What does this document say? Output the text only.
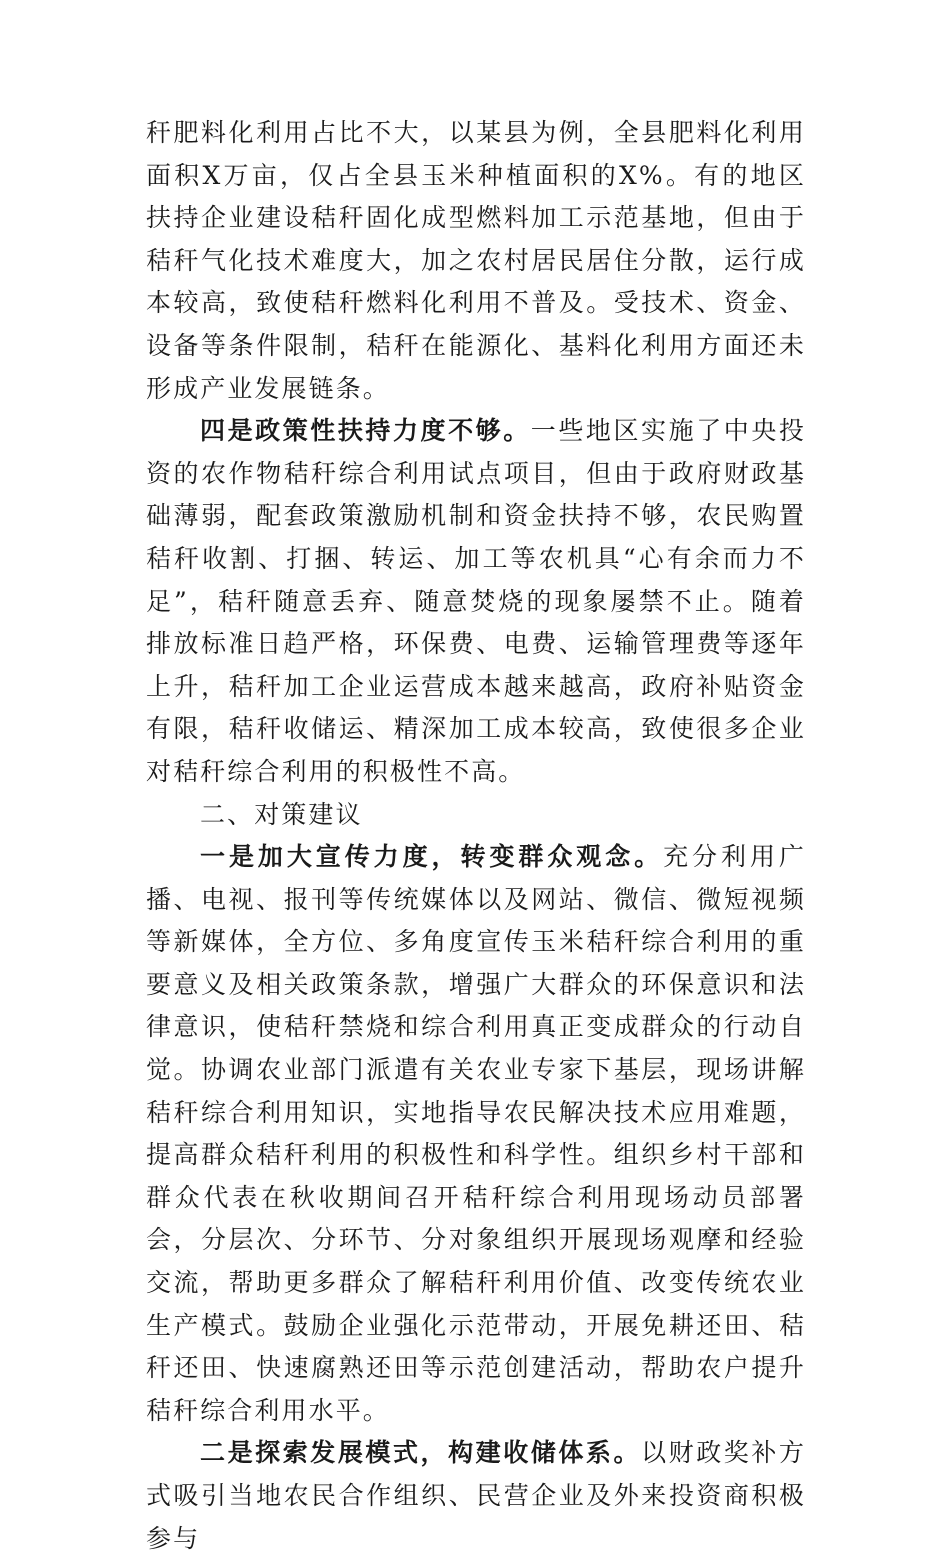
秆肥料化利用占比不大，以某县为例，全县肥料化利用面积X万亩，仅占全县玉米种植面积的X%。有的地区扶持企业建设秸秆固化成型燃料加工示范基地，但由于秸秆气化技术难度大，加之农村居民居住分散，运行成本较高，致使秸秆燃料化利用不普及。受技术、资金、设备等条件限制，秸秆在能源化、基料化利用方面还未形成产业发展链条。

四是政策性扶持力度不够。一些地区实施了中央投资的农作物秸秆综合利用试点项目，但由于政府财政基础薄弱，配套政策激励机制和资金扶持不够，农民购置秸秆收割、打捆、转运、加工等农机具“心有余而力不足”，秸秆随意丢弃、随意焚烧的现象屡禁不止。随着排放标准日趋严格，环保费、电费、运输管理费等逐年上升，秸秆加工企业运营成本越来越高，政府补贴资金有限，秸秆收储运、精深加工成本较高，致使很多企业对秸秆综合利用的积极性不高。

二、对策建议

一是加大宣传力度，转变群众观念。充分利用广播、电视、报刊等传统媒体以及网站、微信、微短视频等新媒体，全方位、多角度宣传玉米秸秆综合利用的重要意义及相关政策条款，增强广大群众的环保意识和法律意识，使秸秆禁烧和综合利用真正变成群众的行动自觉。协调农业部门派遣有关农业专家下基层，现场讲解秸秆综合利用知识，实地指导农民解决技术应用难题，提高群众秸秆利用的积极性和科学性。组织乡村干部和群众代表在秋收期间召开秸秆综合利用现场动员部署会，分层次、分环节、分对象组织开展现场观摩和经验交流，帮助更多群众了解秸秆利用价值、改变传统农业生产模式。鼓励企业强化示范带动，开展免耕还田、秸秆还田、快速腐熟还田等示范创建活动，帮助农户提升秸秆综合利用水平。

二是探索发展模式，构建收储体系。以财政奖补方式吸引当地农民合作组织、民营企业及外来投资商积极参与
